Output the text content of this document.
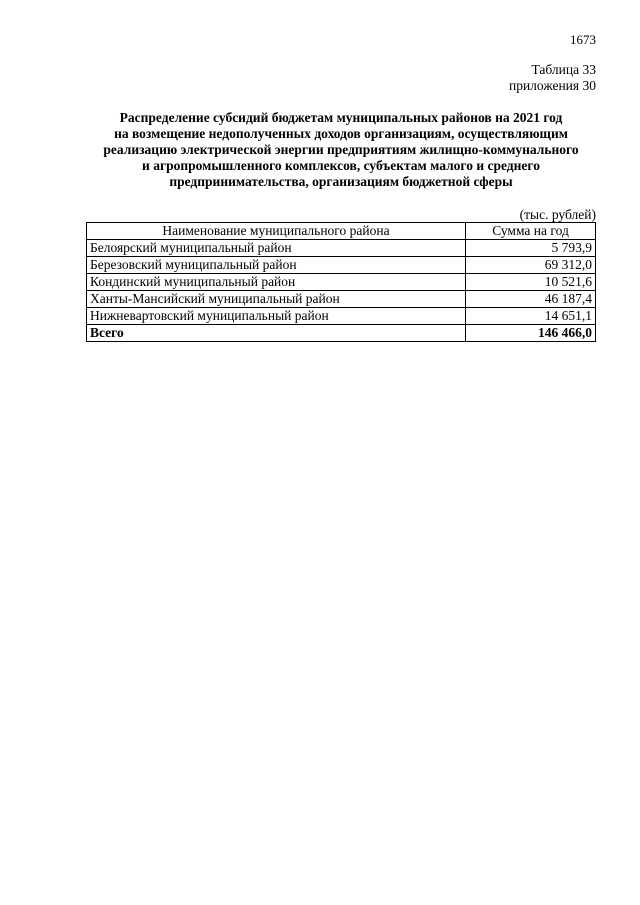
1673
Таблица 33
приложения 30
Распределение субсидий бюджетам муниципальных районов на 2021 год
на возмещение недополученных доходов организациям, осуществляющим
реализацию электрической энергии предприятиям жилищно-коммунального
и агропромышленного комплексов, субъектам малого и среднего
предпринимательства, организациям бюджетной сферы
(тыс. рублей)
Наименование муниципального района	Сумма на год
Белоярский муниципальный район	5 793,9
Березовский муниципальный район	69 312,0
Кондинский муниципальный район	10 521,6
Ханты-Мансийский муниципальный район	46 187,4
Нижневартовский муниципальный район	14 651,1
Всего	146 466,0
